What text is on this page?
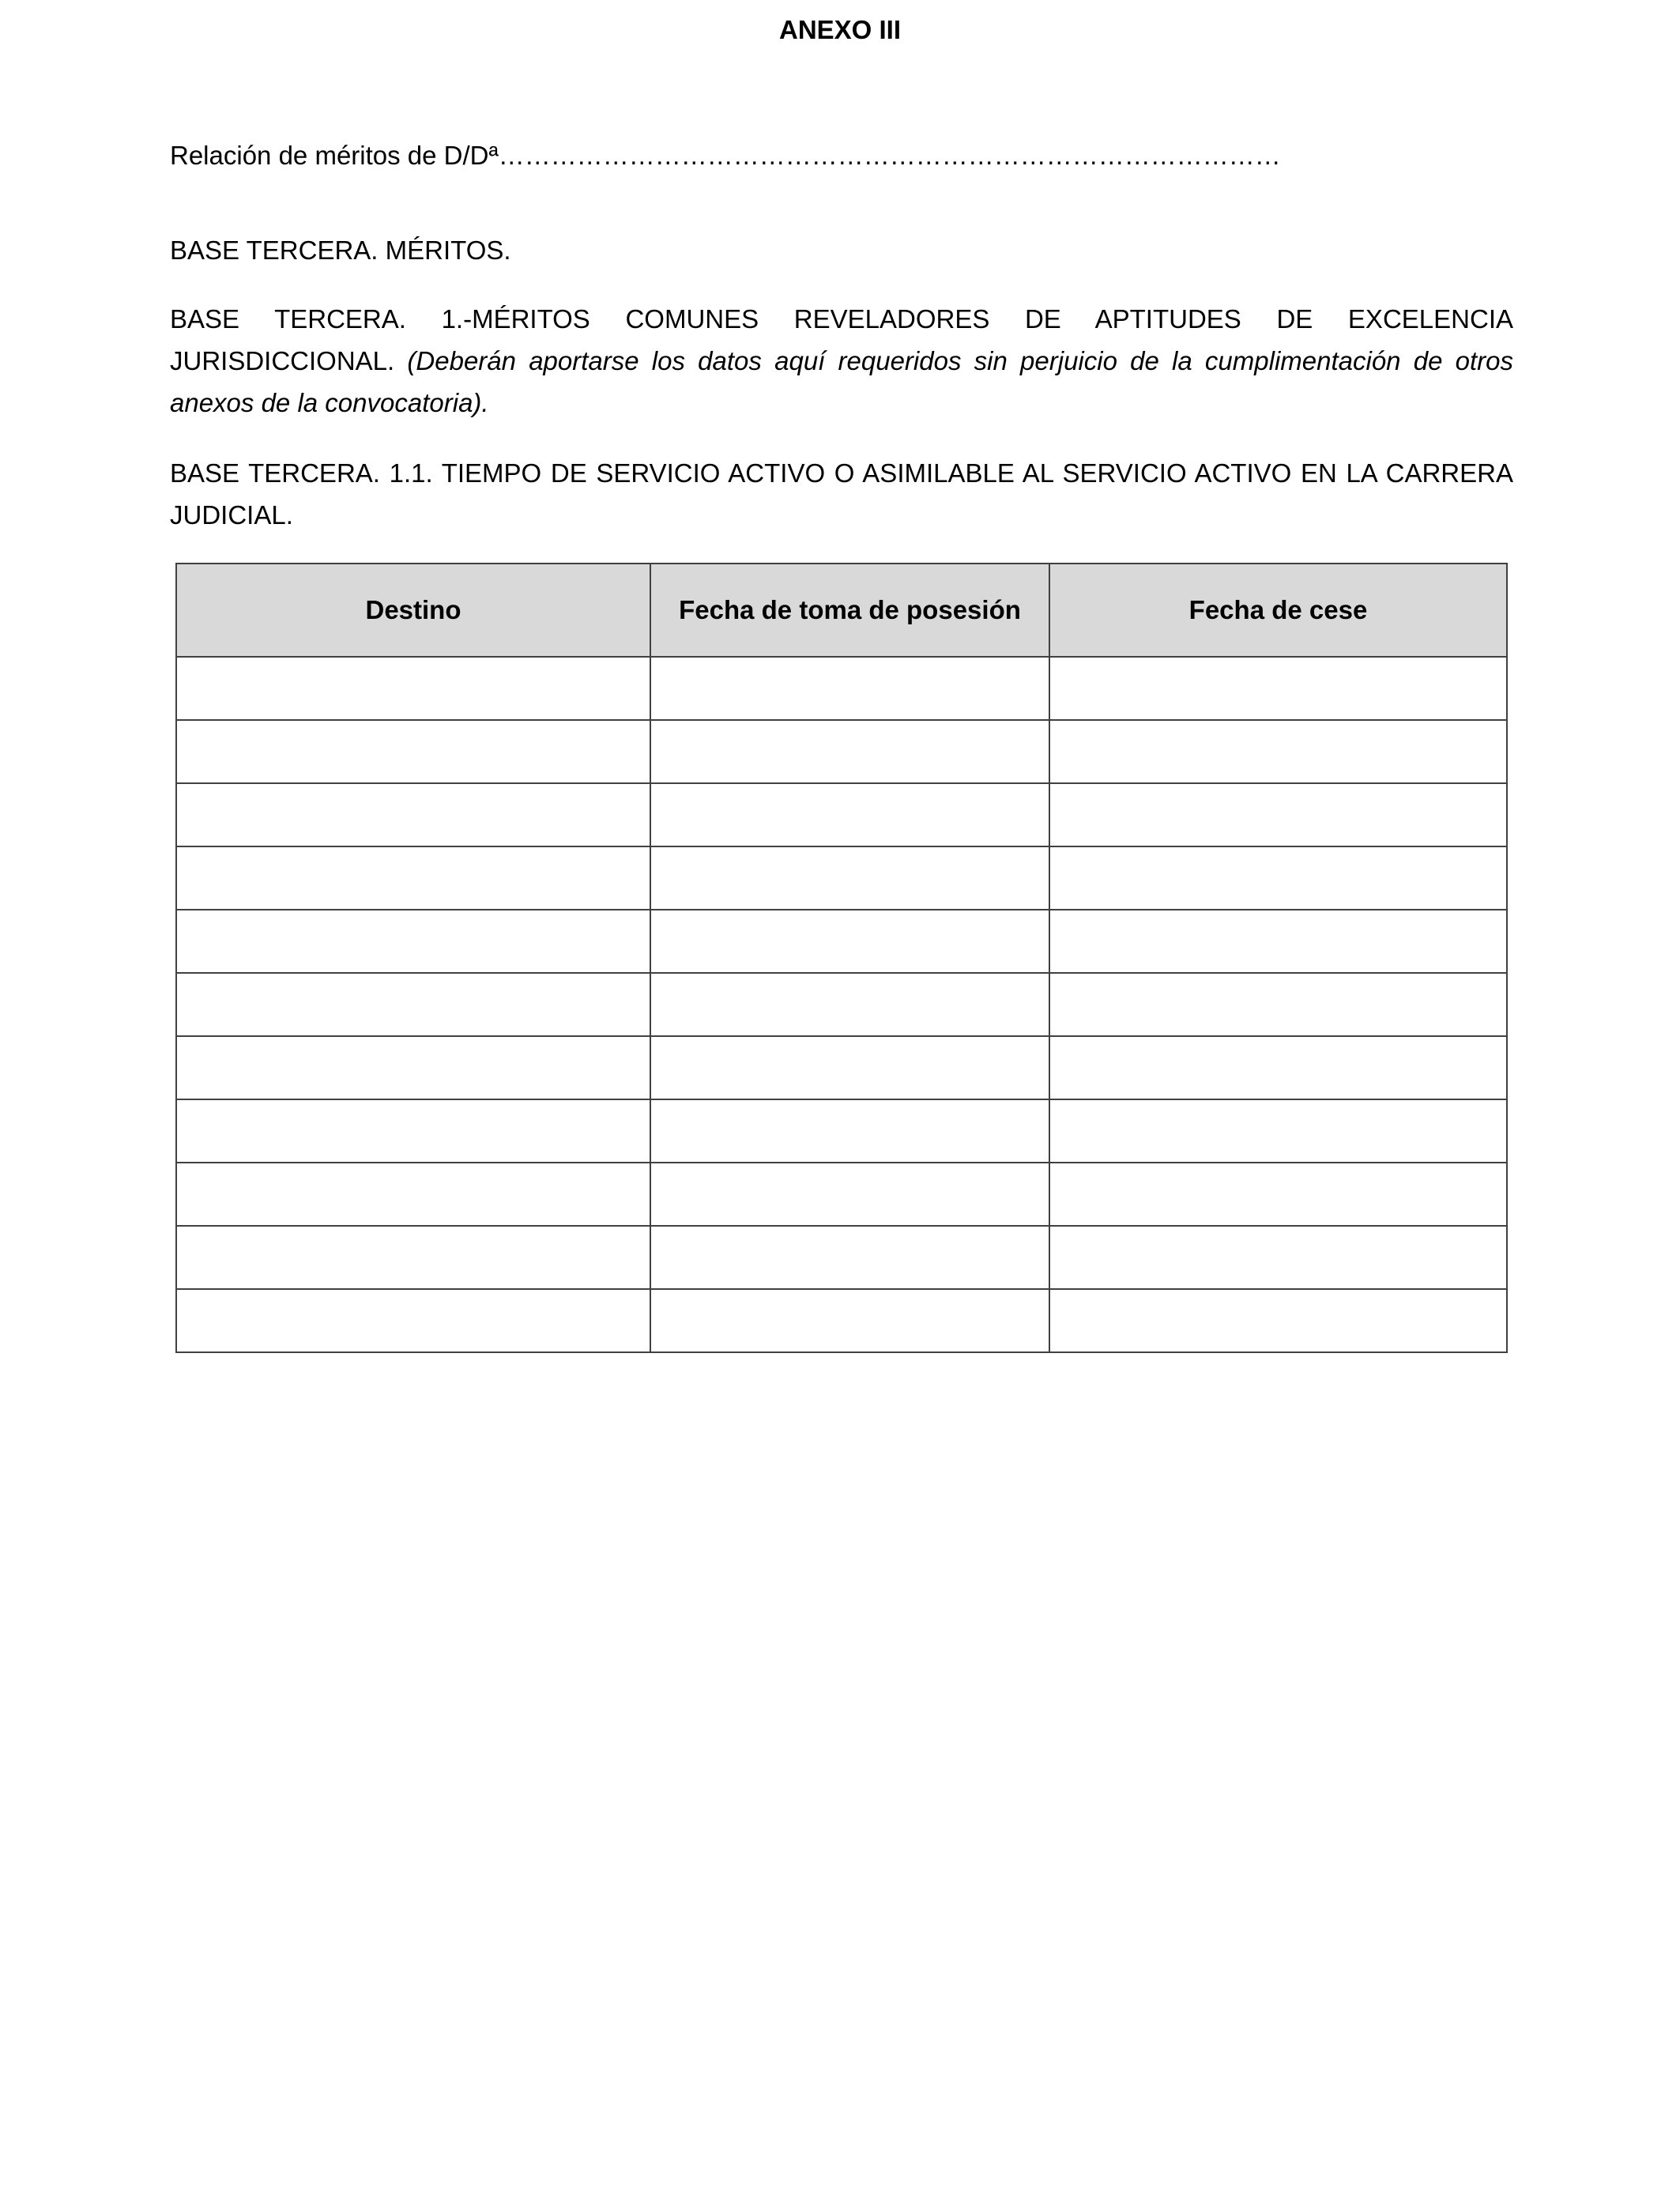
ANEXO III

Relación de méritos de D/Dª………………………………………………………………………………

BASE TERCERA. MÉRITOS.

BASE TERCERA. 1.-MÉRITOS COMUNES REVELADORES DE APTITUDES DE EXCELENCIA JURISDICCIONAL. (Deberán aportarse los datos aquí requeridos sin perjuicio de la cumplimentación de otros anexos de la convocatoria).

BASE TERCERA. 1.1. TIEMPO DE SERVICIO ACTIVO O ASIMILABLE AL SERVICIO ACTIVO EN LA CARRERA JUDICIAL.

Destino	Fecha de toma de posesión	Fecha de cese
